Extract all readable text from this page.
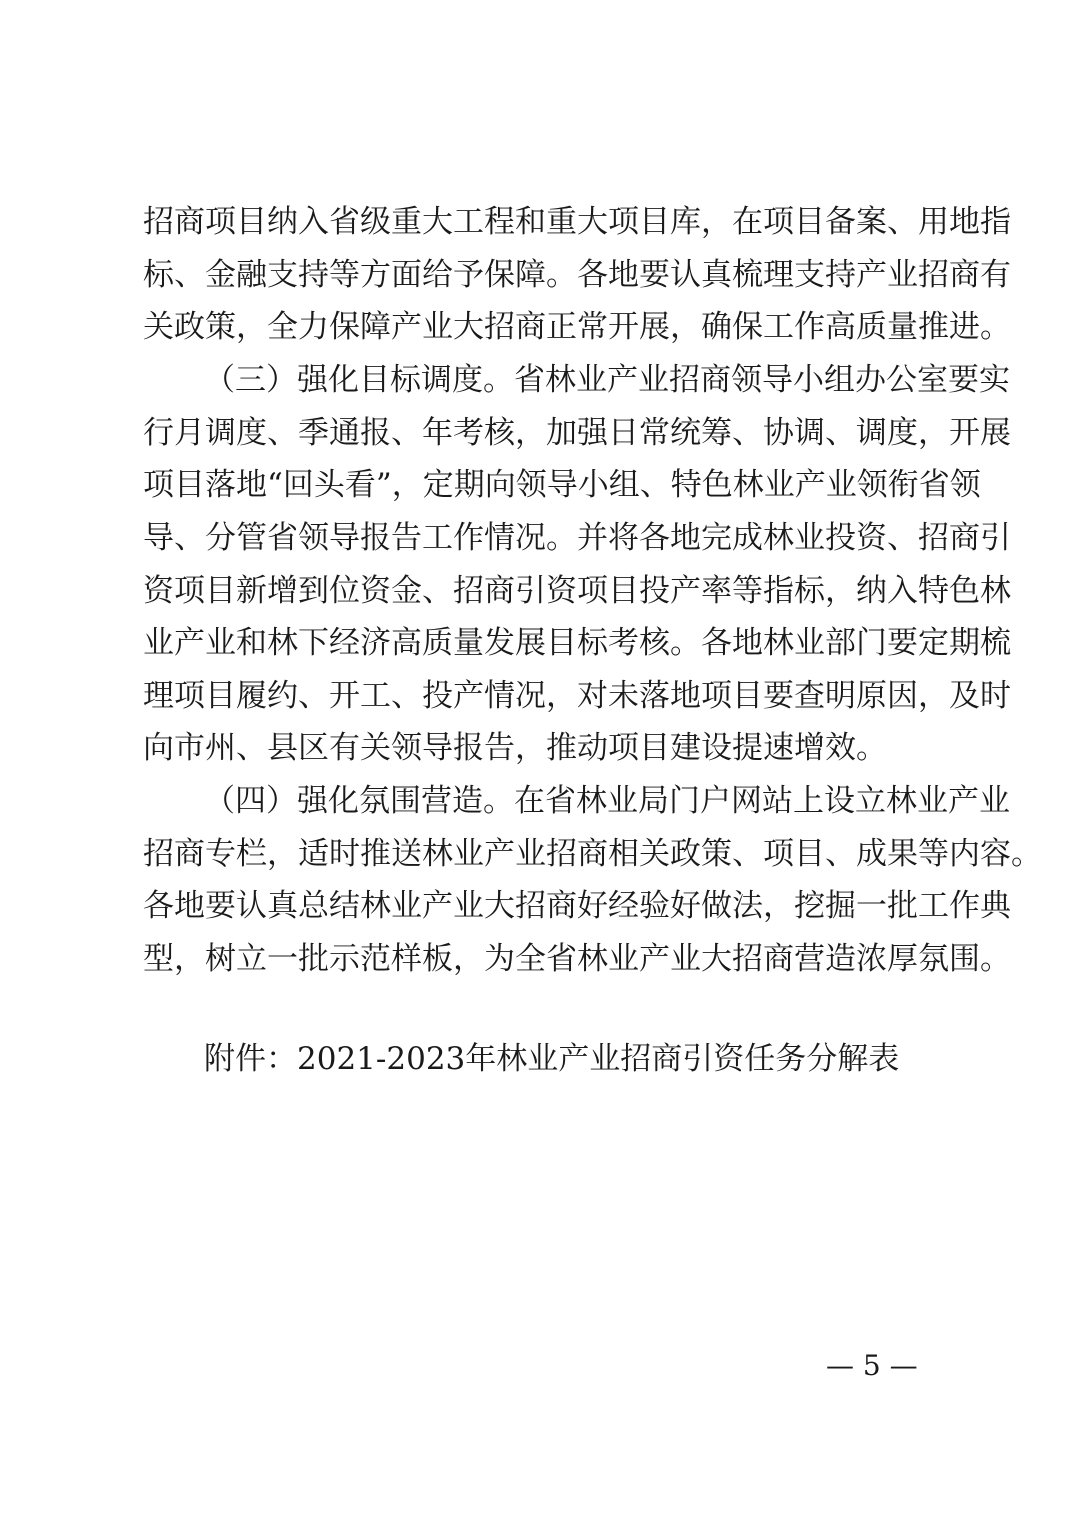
招商项目纳入省级重大工程和重大项目库，在项目备案、用地指
标、金融支持等方面给予保障。各地要认真梳理支持产业招商有
关政策，全力保障产业大招商正常开展，确保工作高质量推进。
（三）强化目标调度。省林业产业招商领导小组办公室要实
行月调度、季通报、年考核，加强日常统筹、协调、调度，开展
项目落地“回头看”，定期向领导小组、特色林业产业领衔省领
导、分管省领导报告工作情况。并将各地完成林业投资、招商引
资项目新增到位资金、招商引资项目投产率等指标，纳入特色林
业产业和林下经济高质量发展目标考核。各地林业部门要定期梳
理项目履约、开工、投产情况，对未落地项目要查明原因，及时
向市州、县区有关领导报告，推动项目建设提速增效。
（四）强化氛围营造。在省林业局门户网站上设立林业产业
招商专栏，适时推送林业产业招商相关政策、项目、成果等内容。
各地要认真总结林业产业大招商好经验好做法，挖掘一批工作典
型，树立一批示范样板，为全省林业产业大招商营造浓厚氛围。
附件：2021-2023年林业产业招商引资任务分解表
— 5 —
